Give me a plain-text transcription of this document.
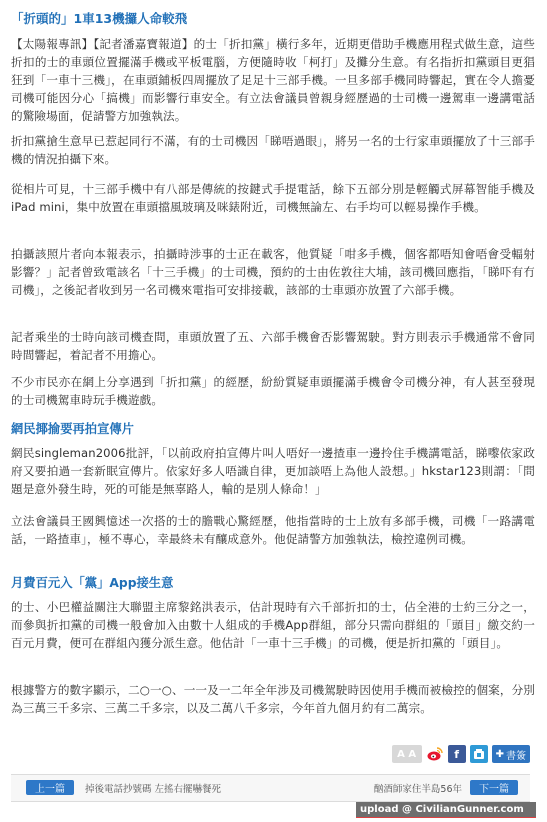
「折頭的」1車13機攞人命較飛

【太陽報專訊】【記者潘嘉寶報道】的士「折扣黨」橫行多年，近期更借助手機應用程式做生意，這些折扣的士的車頭位置擺滿手機或平板電腦，方便隨時收「柯打」及攤分生意。有名指折扣黨頭目更猖狂到「一車十三機」，在車頭鋪板四周擺放了足足十三部手機。一旦多部手機同時響起，實在令人擔憂司機可能因分心「搞機」而影響行車安全。有立法會議員曾親身經歷過的士司機一邊駕車一邊講電話的驚險場面，促請警方加強執法。

折扣黨搶生意早已惹起同行不滿，有的士司機因「睇唔過眼」，將另一名的士行家車頭擺放了十三部手機的情況拍攝下來。

從相片可見，十三部手機中有八部是傳統的按鍵式手提電話，餘下五部分別是輕觸式屏幕智能手機及iPad mini，集中放置在車頭擋風玻璃及咪錶附近，司機無論左、右手均可以輕易操作手機。

拍攝該照片者向本報表示，拍攝時涉事的士正在載客，他質疑「咁多手機，個客都唔知會唔會受輻射影響？」記者曾致電該名「十三手機」的士司機，預約的士由佐敦往大埔，該司機回應指，「睇吓有冇司機」，之後記者收到另一名司機來電指可安排接載，該部的士車頭亦放置了六部手機。

記者乘坐的士時向該司機查問，車頭放置了五、六部手機會否影響駕駛。對方則表示手機通常不會同時間響起，着記者不用擔心。

不少市民亦在網上分享遇到「折扣黨」的經歷，紛紛質疑車頭擺滿手機會令司機分神，有人甚至發現的士司機駕車時玩手機遊戲。

網民揶揄要再拍宣傳片

網民singleman2006批評，「以前政府拍宣傳片叫人唔好一邊揸車一邊拎住手機講電話，睇嚟依家政府又要拍過一套新眠宣傳片。依家好多人唔識自律，更加談唔上為他人設想。」hkstar123則謂：「問題是意外發生時，死的可能是無辜路人，輸的是別人條命！」

立法會議員王國興憶述一次搭的士的膽戰心驚經歷，他指當時的士上放有多部手機，司機「一路講電話，一路揸車」，極不專心，幸最終未有釀成意外。他促請警方加強執法，檢控違例司機。

月費百元入「黨」App接生意

的士、小巴權益關注大聯盟主席黎銘洪表示，估計現時有六千部折扣的士，佔全港的士約三分之一，而參與折扣黨的司機一般會加入由數十人組成的手機App群組，部分只需向群組的「頭目」繳交約一百元月費，便可在群組內獲分派生意。他估計「一車十三手機」的司機，便是折扣黨的「頭目」。

根據警方的數字顯示，二○一○、一一及一二年全年涉及司機駕駛時因使用手機而被檢控的個案，分別為三萬三千多宗、三萬二千多宗，以及二萬八千多宗，今年首九個月約有二萬宗。

A A	f	✚ 書簽
上一篇	掉後電話抄號碼 左搖右擺嚇餐死	酗酒師家住半島56年	下一篇
upload @ CivilianGunner.com
